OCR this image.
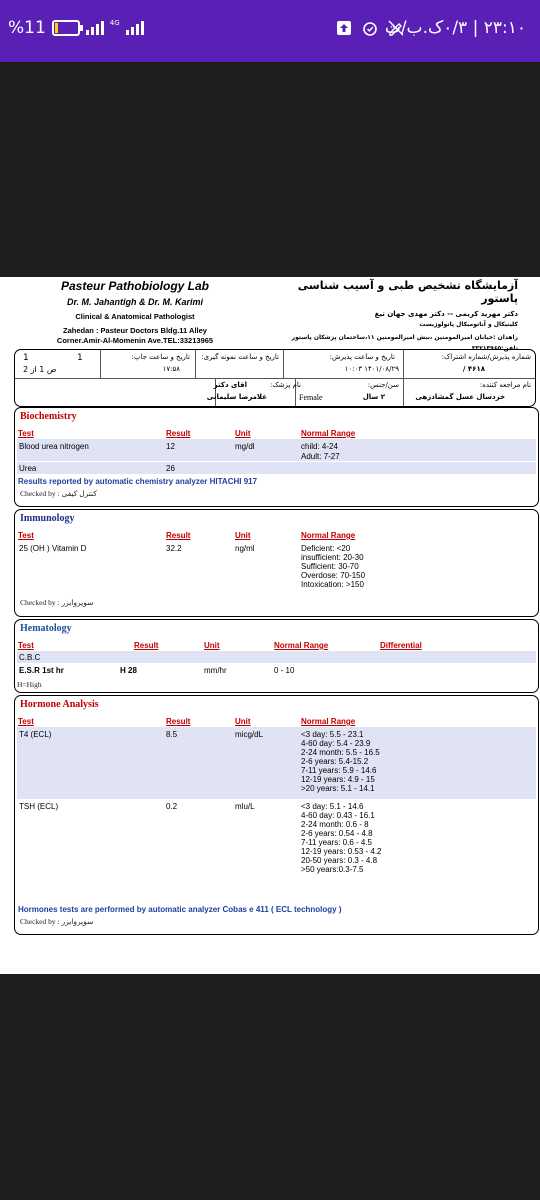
%11	4G	۲۳:۱۰ | ۰/۳ک.ب/ث
Pasteur Pathobiology Lab
Dr. M. Jahantigh & Dr. M. Karimi
Clinical & Anatomical Pathologist
Zahedan : Pasteur Doctors Bldg.11 Alley
Corner.Amir-Al-Momenin Ave.TEL:33213965
آزمایشگاه تشخیص طبی و آسیب شناسی پاستور
دکتر مهرید کریمی -- دکتر مهدی جهان تیغ
کلینیکال و آناتومیکال پاتولوژیست
زاهدان :خیابان امیرالمومنین ،نبش امیرالمومنین ۱۱،ساختمان پزشکان پاستور
تلفن:۳۳۲۱۳۹۶۵
شماره پذیرش/شماره اشتراک:
۴۶۱۸ /
تاریخ و ساعت پذیرش:
۱۴۰۱/۰۸/۲۹ ۱۰:۰۳
تاریخ و ساعت نمونه گیری:
تاریخ و ساعت جاپ:
۱۷:۵۸
1	1
ص 1 از 2
نام مراجعه کننده:
خردسال عسل گمشادزهی
سن/جنس:
۲ سال
Female
نام پزشک:
اقای دکتر
غلامرضا سلیمانی
Biochemistry
Test	Result	Unit	Normal Range
Blood urea nitrogen	12	mg/dl	child: 4-24
Adult: 7-27
Urea	26
Results reported by automatic chemistry analyzer HITACHI 917
Checked by : کنترل کیفی
Immunology
Test	Result	Unit	Normal Range
25 (OH ) Vitamin D	32.2	ng/ml	Deficient: <20
insufficient: 20-30
Sufficient: 30-70
Overdose: 70-150
Intoxication: >150
Checked by : سوپروایزر
Hematology
Test	Result	Unit	Normal Range	Differential
C.B.C
E.S.R 1st hr	H 28	mm/hr	0 - 10
H=High
Hormone Analysis
Test	Result	Unit	Normal Range
T4 (ECL)	8.5	micg/dL	<3 day: 5.5 - 23.1
4-60 day: 5.4 - 23.9
2-24 month: 5.5 - 16.5
2-6 years: 5.4-15.2
7-11 years: 5.9 - 14.6
12-19 years: 4.9 - 15
>20 years: 5.1 - 14.1
TSH (ECL)	0.2	mlu/L	<3 day: 5.1 - 14.6
4-60 day: 0.43 - 16.1
2-24 month: 0.6 - 8
2-6 years: 0.54 - 4.8
7-11 years: 0.6 - 4.5
12-19 years: 0.53 - 4.2
20-50 years: 0.3 - 4.8
>50 years:0.3-7.5
Hormones tests are performed by automatic analyzer Cobas e 411 ( ECL technology )
Checked by : سوپروایزر
